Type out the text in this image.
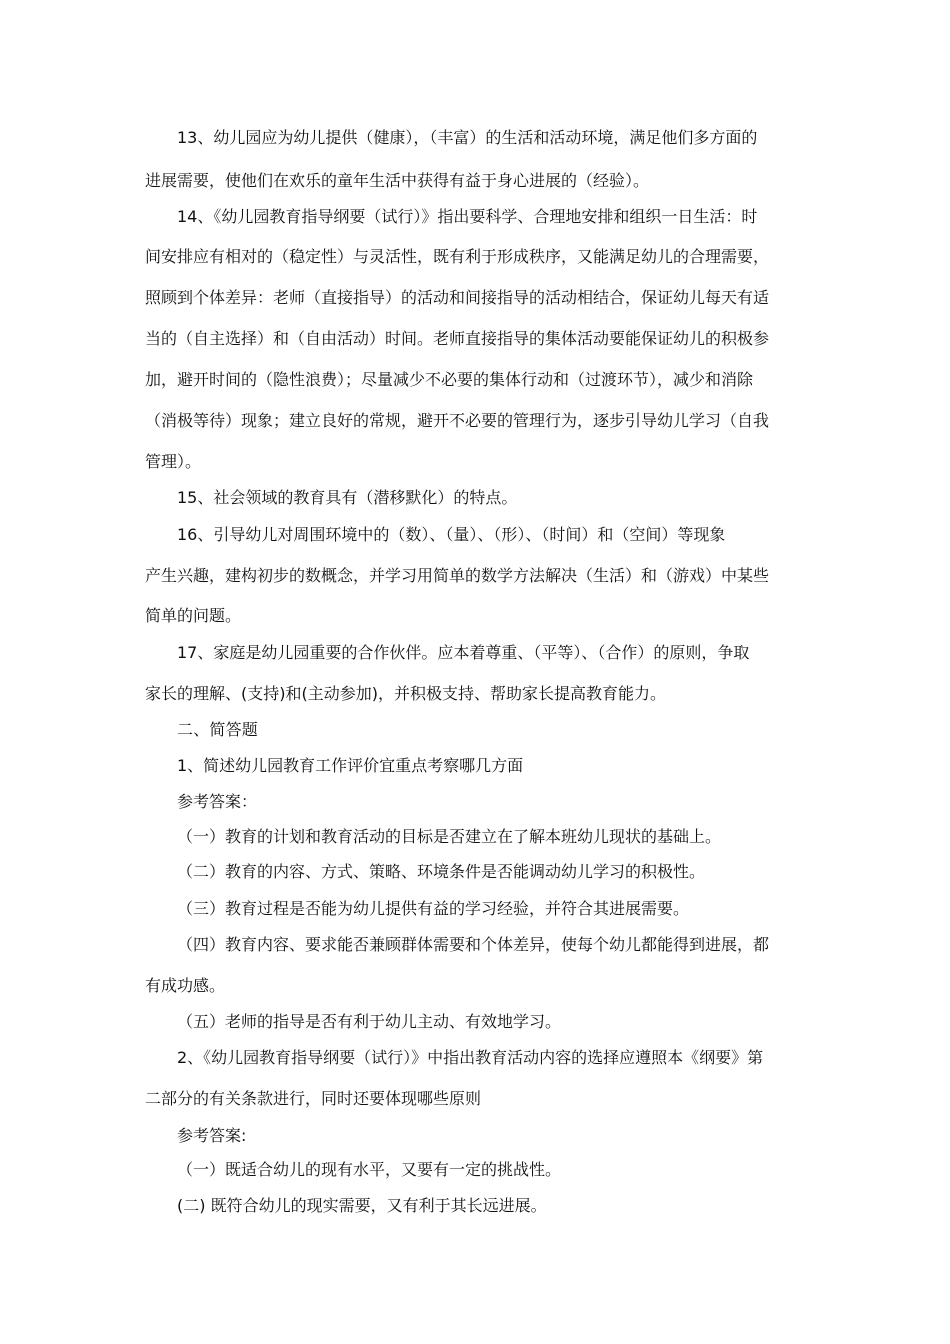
13、幼儿园应为幼儿提供（健康），（丰富）的生活和活动环境，满足他们多方面的
进展需要，使他们在欢乐的童年生活中获得有益于身心进展的（经验）。
14、《幼儿园教育指导纲要（试行）》指出要科学、合理地安排和组织一日生活：时
间安排应有相对的（稳定性）与灵活性，既有利于形成秩序，又能满足幼儿的合理需要，
照顾到个体差异：老师（直接指导）的活动和间接指导的活动相结合，保证幼儿每天有适
当的（自主选择）和（自由活动）时间。老师直接指导的集体活动要能保证幼儿的积极参
加，避开时间的（隐性浪费）；尽量减少不必要的集体行动和（过渡环节），减少和消除
（消极等待）现象；建立良好的常规，避开不必要的管理行为，逐步引导幼儿学习（自我
管理）。
15、社会领域的教育具有（潜移默化）的特点。
16、引导幼儿对周围环境中的（数）、（量）、（形）、（时间）和（空间）等现象
产生兴趣，建构初步的数概念，并学习用简单的数学方法解决（生活）和（游戏）中某些
简单的问题。
17、家庭是幼儿园重要的合作伙伴。应本着尊重、（平等）、（合作）的原则，争取
家长的理解、(支持)和(主动参加)，并积极支持、帮助家长提高教育能力。
二、简答题
1、简述幼儿园教育工作评价宜重点考察哪几方面
参考答案：
（一）教育的计划和教育活动的目标是否建立在了解本班幼儿现状的基础上。
（二）教育的内容、方式、策略、环境条件是否能调动幼儿学习的积极性。
（三）教育过程是否能为幼儿提供有益的学习经验，并符合其进展需要。
（四）教育内容、要求能否兼顾群体需要和个体差异，使每个幼儿都能得到进展，都
有成功感。
（五）老师的指导是否有利于幼儿主动、有效地学习。
2、《幼儿园教育指导纲要（试行）》中指出教育活动内容的选择应遵照本《纲要》第
二部分的有关条款进行，同时还要体现哪些原则
参考答案:
（一）既适合幼儿的现有水平，又要有一定的挑战性。
(二) 既符合幼儿的现实需要，又有利于其长远进展。
